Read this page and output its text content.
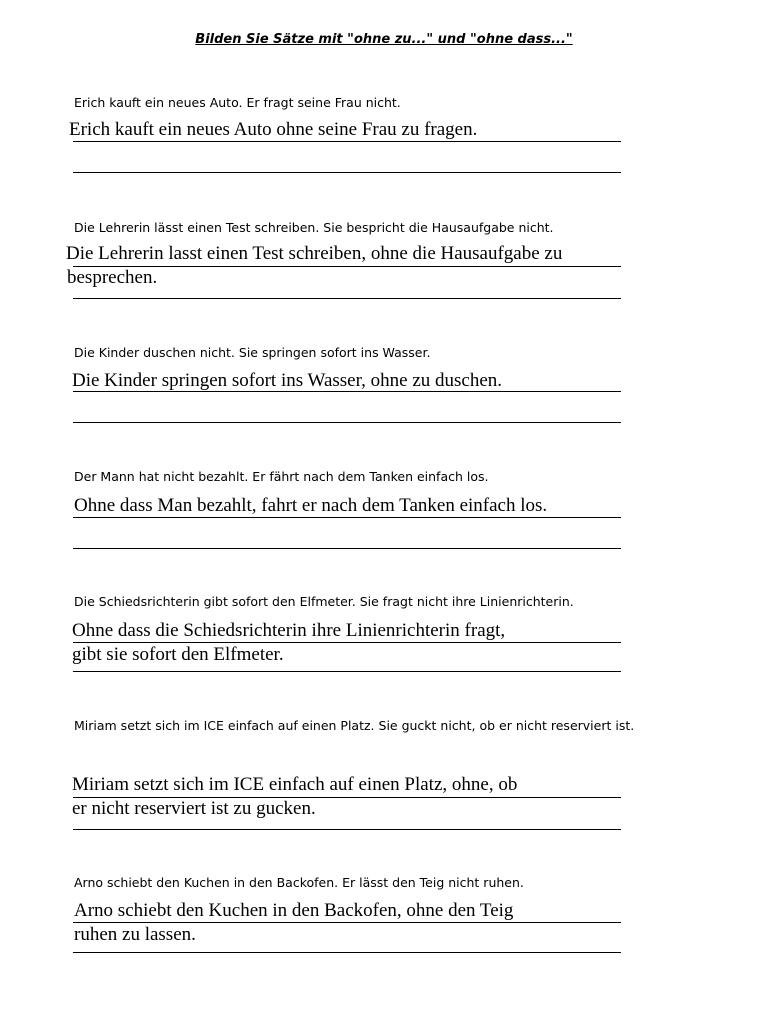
Bilden Sie Sätze mit "ohne zu..." und "ohne dass..."
Erich kauft ein neues Auto. Er fragt seine Frau nicht.
Erich kauft ein neues Auto ohne seine Frau zu fragen.
Die Lehrerin lässt einen Test schreiben. Sie bespricht die Hausaufgabe nicht.
Die Lehrerin lasst einen Test schreiben, ohne die Hausaufgabe zu
besprechen.
Die Kinder duschen nicht. Sie springen sofort ins Wasser.
Die Kinder springen sofort ins Wasser, ohne zu duschen.
Der Mann hat nicht bezahlt. Er fährt nach dem Tanken einfach los.
Ohne dass Man bezahlt, fahrt er nach dem Tanken einfach los.
Die Schiedsrichterin gibt sofort den Elfmeter. Sie fragt nicht ihre Linienrichterin.
Ohne dass die Schiedsrichterin ihre Linienrichterin fragt,
gibt sie sofort den Elfmeter.
Miriam setzt sich im ICE einfach auf einen Platz. Sie guckt nicht, ob er nicht reserviert ist.
Miriam setzt sich im ICE einfach auf einen Platz, ohne, ob
er nicht reserviert ist zu gucken.
Arno schiebt den Kuchen in den Backofen. Er lässt den Teig nicht ruhen.
Arno schiebt den Kuchen in den Backofen, ohne den Teig
ruhen zu lassen.
